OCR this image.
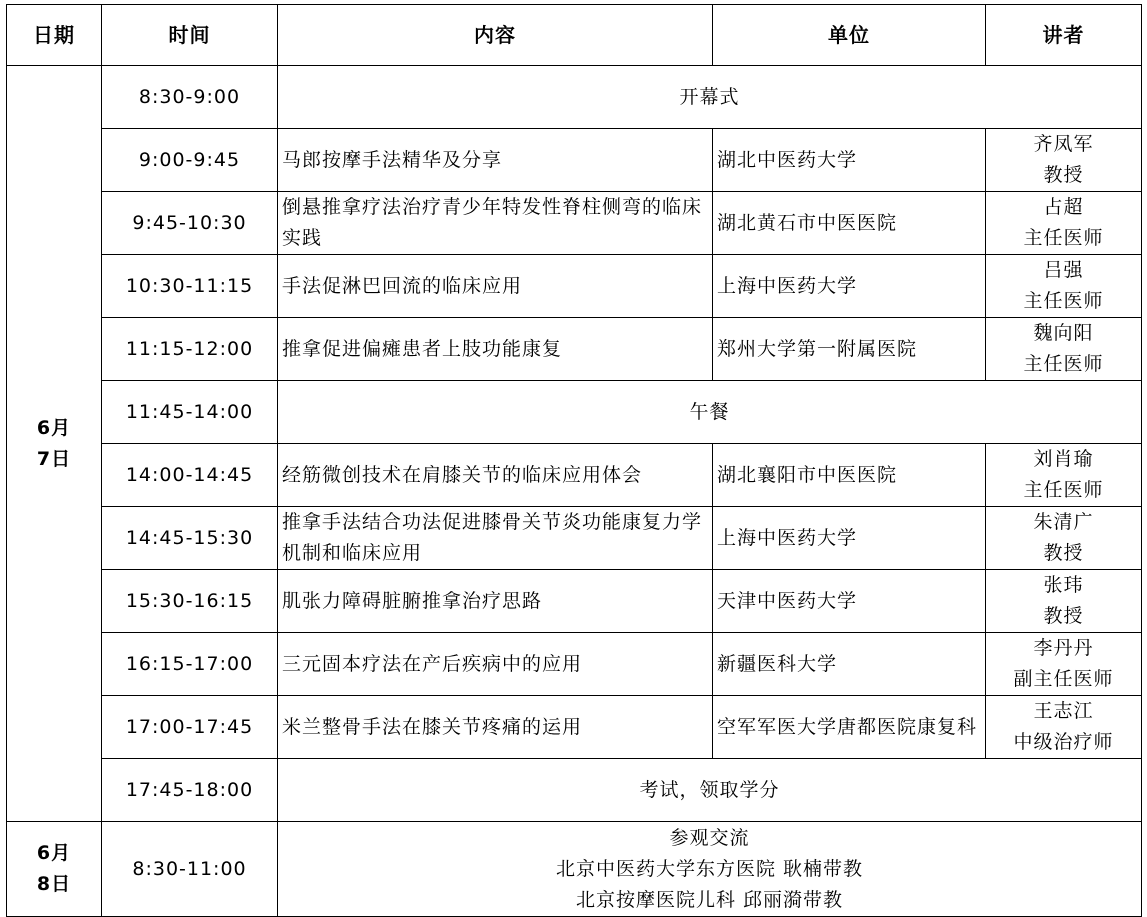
日期	时间	内容	单位	讲者

6月
7日	8:30-9:00	开幕式		

	9:00-9:45	马郎按摩手法精华及分享	湖北中医药大学	齐凤军
教授

	9:45-10:30	倒悬推拿疗法治疗青少年特发性脊柱侧弯的临床实践	湖北黄石市中医医院	占超
主任医师

	10:30-11:15	手法促淋巴回流的临床应用	上海中医药大学	吕强
主任医师

	11:15-12:00	推拿促进偏瘫患者上肢功能康复	郑州大学第一附属医院	魏向阳
主任医师

	11:45-14:00	午餐		

	14:00-14:45	经筋微创技术在肩膝关节的临床应用体会	湖北襄阳市中医医院	刘肖瑜
主任医师

	14:45-15:30	推拿手法结合功法促进膝骨关节炎功能康复力学机制和临床应用	上海中医药大学	朱清广
教授

	15:30-16:15	肌张力障碍脏腑推拿治疗思路	天津中医药大学	张玮
教授

	16:15-17:00	三元固本疗法在产后疾病中的应用	新疆医科大学	李丹丹
副主任医师

	17:00-17:45	米兰整骨手法在膝关节疼痛的运用	空军军医大学唐都医院康复科	王志江
中级治疗师

	17:45-18:00	考试，领取学分		

6月
8日	8:30-11:00	参观交流
北京中医药大学东方医院 耿楠带教
北京按摩医院儿科 邱丽漪带教		
